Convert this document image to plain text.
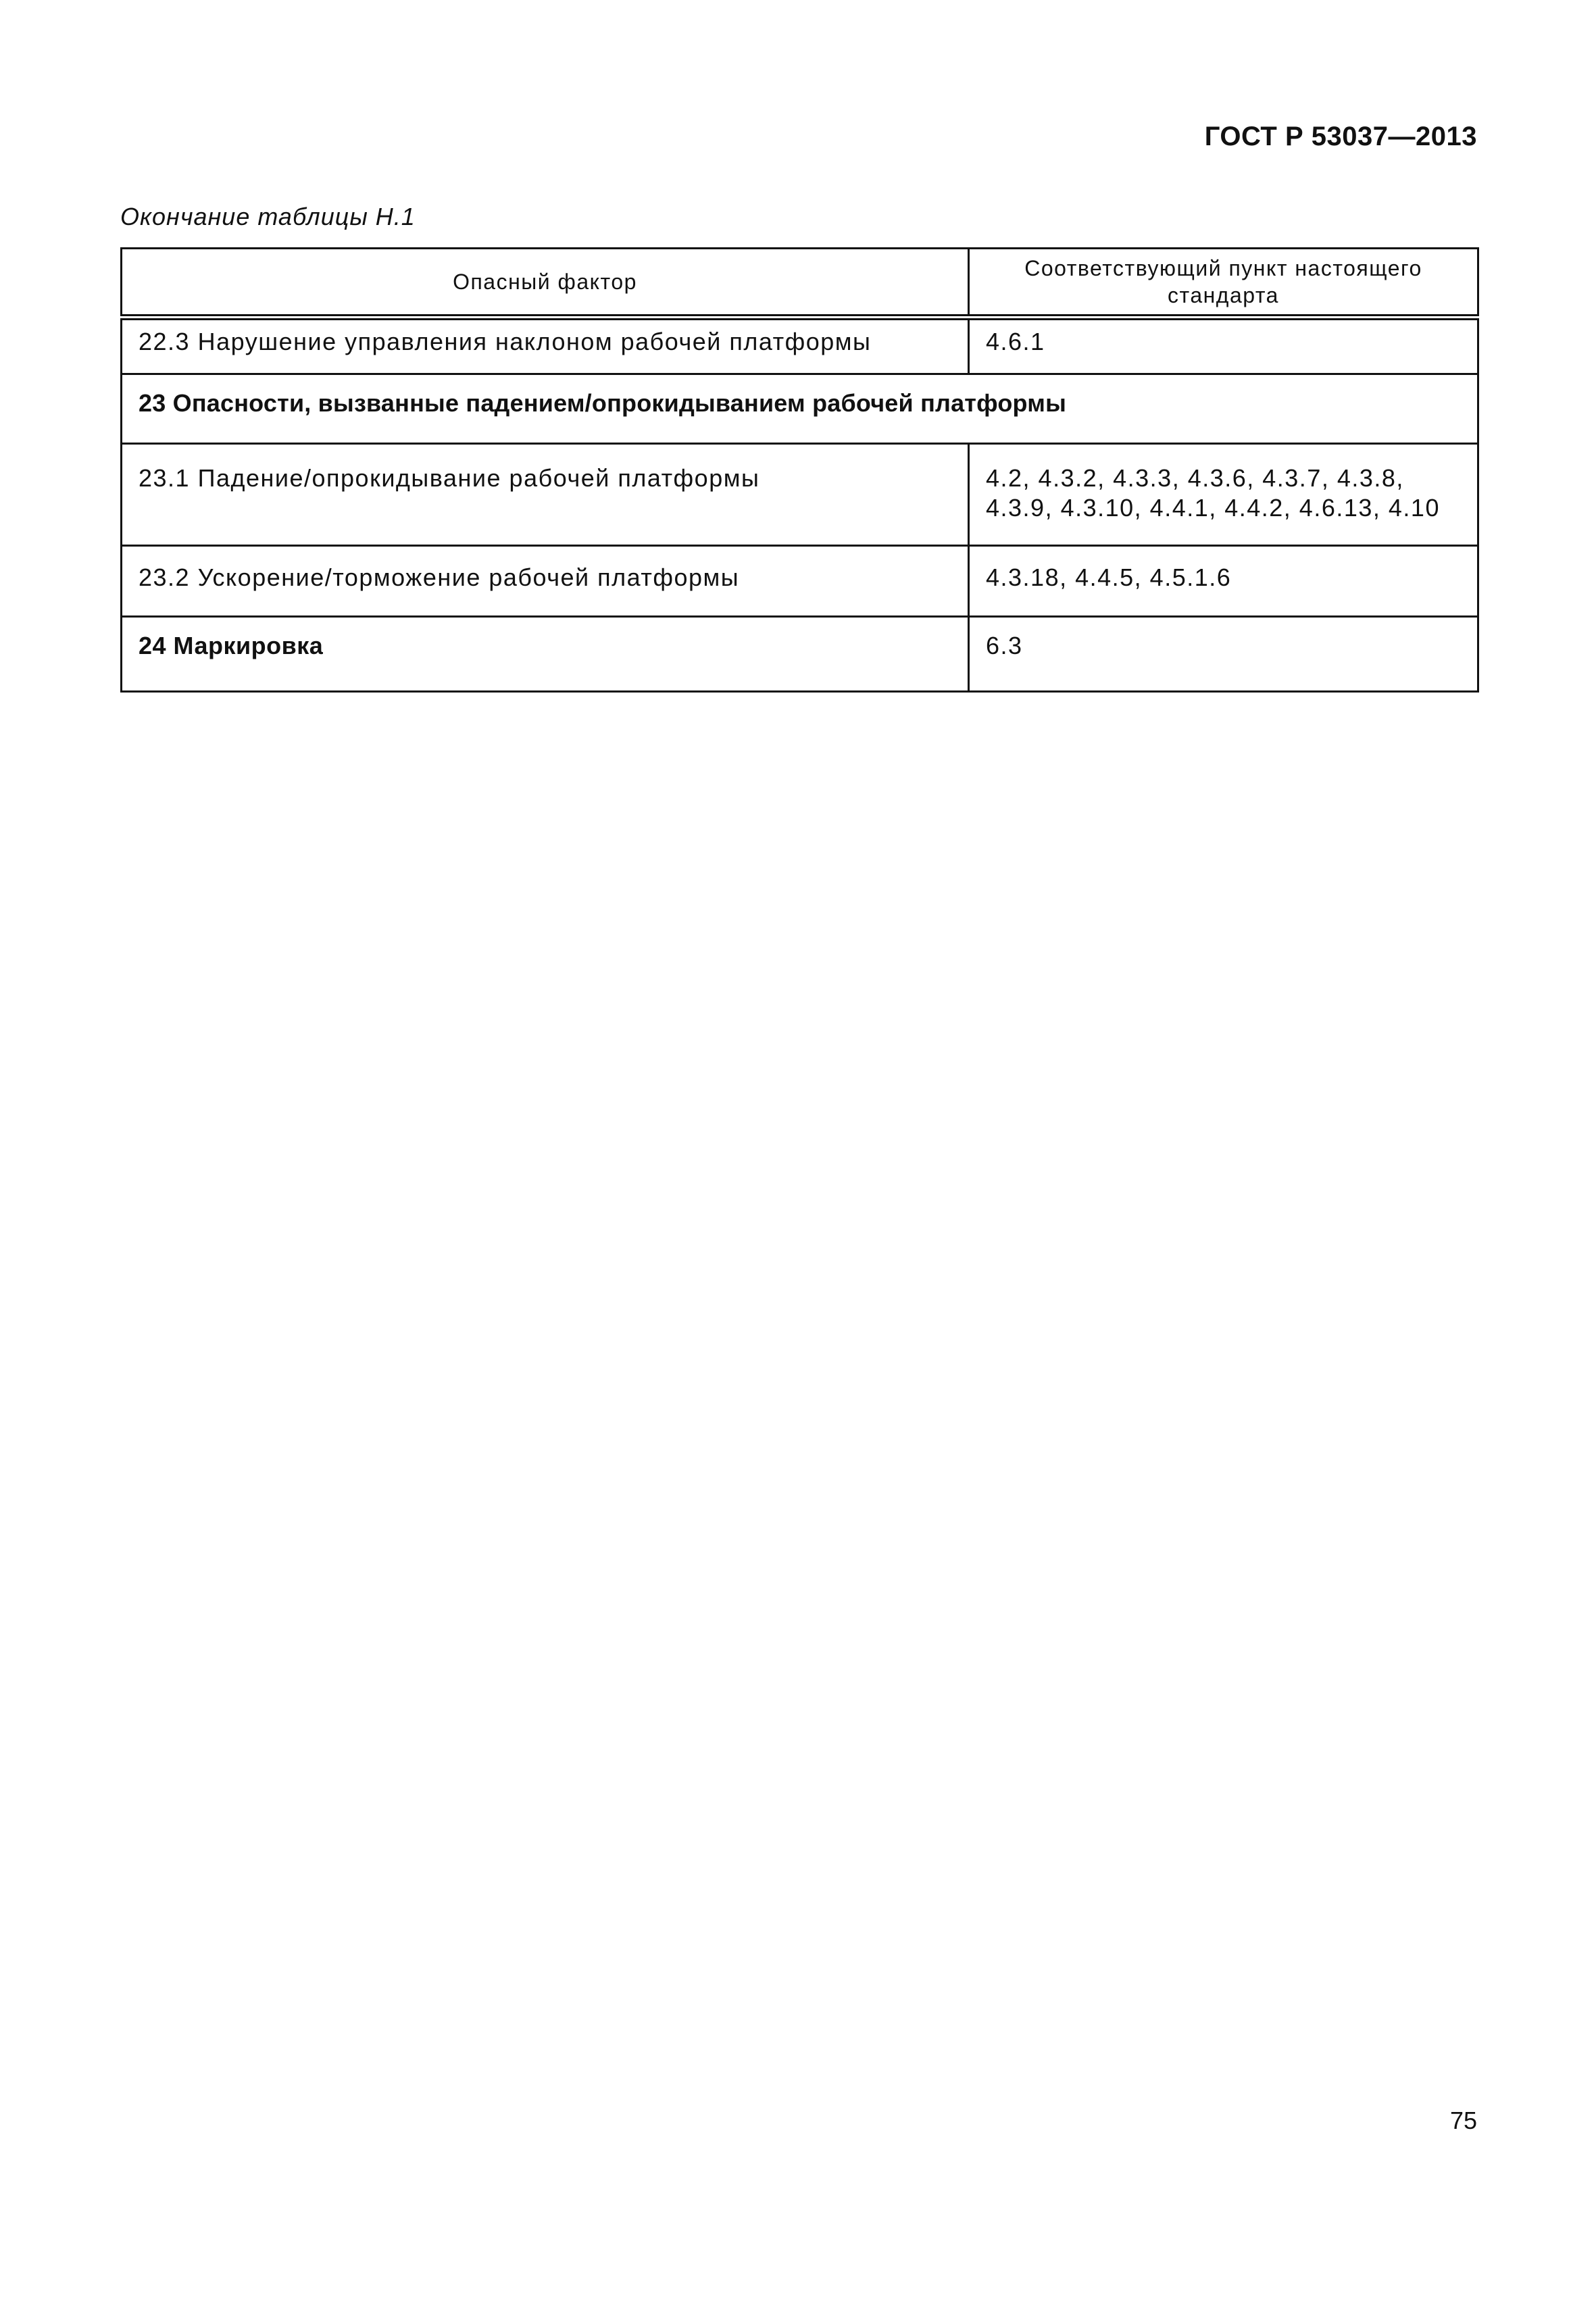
ГОСТ Р 53037—2013
Окончание таблицы Н.1
Опасный фактор	Соответствующий пункт настоящего стандарта
22.3 Нарушение управления наклоном рабочей платформы	4.6.1
23 Опасности, вызванные падением/опрокидыванием рабочей платформы	
23.1 Падение/опрокидывание рабочей платформы	4.2, 4.3.2, 4.3.3, 4.3.6, 4.3.7, 4.3.8, 4.3.9, 4.3.10, 4.4.1, 4.4.2, 4.6.13, 4.10
23.2 Ускорение/торможение рабочей платформы	4.3.18, 4.4.5, 4.5.1.6
24 Маркировка	6.3
75
